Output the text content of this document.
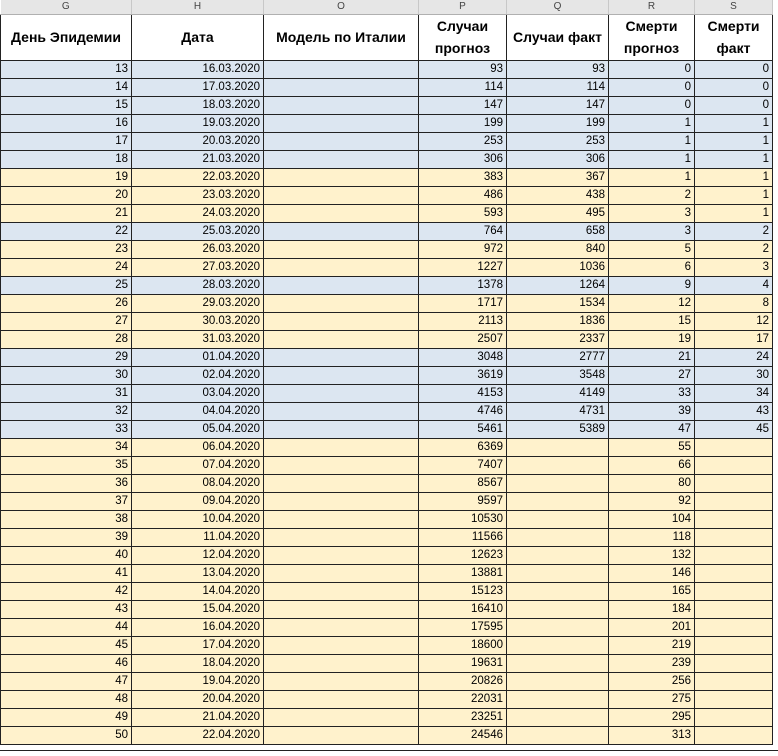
G	H	O	P	Q	R	S
День Эпидемии	Дата	Модель по Италии	Случаи прогноз	Случаи факт	Смерти прогноз	Смерти факт
13	16.03.2020		93	93	0	0
14	17.03.2020		114	114	0	0
15	18.03.2020		147	147	0	0
16	19.03.2020		199	199	1	1
17	20.03.2020		253	253	1	1
18	21.03.2020		306	306	1	1
19	22.03.2020		383	367	1	1
20	23.03.2020		486	438	2	1
21	24.03.2020		593	495	3	1
22	25.03.2020		764	658	3	2
23	26.03.2020		972	840	5	2
24	27.03.2020		1227	1036	6	3
25	28.03.2020		1378	1264	9	4
26	29.03.2020		1717	1534	12	8
27	30.03.2020		2113	1836	15	12
28	31.03.2020		2507	2337	19	17
29	01.04.2020		3048	2777	21	24
30	02.04.2020		3619	3548	27	30
31	03.04.2020		4153	4149	33	34
32	04.04.2020		4746	4731	39	43
33	05.04.2020		5461	5389	47	45
34	06.04.2020		6369		55	
35	07.04.2020		7407		66	
36	08.04.2020		8567		80	
37	09.04.2020		9597		92	
38	10.04.2020		10530		104	
39	11.04.2020		11566		118	
40	12.04.2020		12623		132	
41	13.04.2020		13881		146	
42	14.04.2020		15123		165	
43	15.04.2020		16410		184	
44	16.04.2020		17595		201	
45	17.04.2020		18600		219	
46	18.04.2020		19631		239	
47	19.04.2020		20826		256	
48	20.04.2020		22031		275	
49	21.04.2020		23251		295	
50	22.04.2020		24546		313	
